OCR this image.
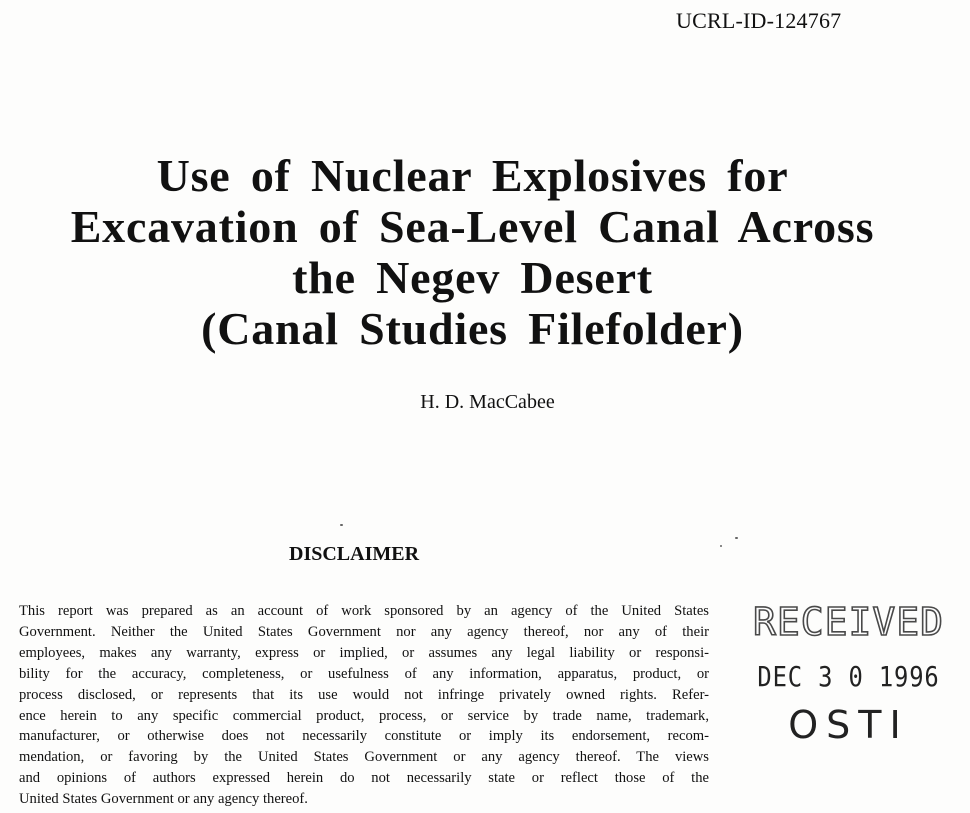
UCRL-ID-124767
Use of Nuclear Explosives for
Excavation of Sea-Level Canal Across
the Negev Desert
(Canal Studies Filefolder)
H. D. MacCabee
DISCLAIMER
This report was prepared as an account of work sponsored by an agency of the United States
Government. Neither the United States Government nor any agency thereof, nor any of their
employees, makes any warranty, express or implied, or assumes any legal liability or responsi-
bility for the accuracy, completeness, or usefulness of any information, apparatus, product, or
process disclosed, or represents that its use would not infringe privately owned rights. Refer-
ence herein to any specific commercial product, process, or service by trade name, trademark,
manufacturer, or otherwise does not necessarily constitute or imply its endorsement, recom-
mendation, or favoring by the United States Government or any agency thereof. The views
and opinions of authors expressed herein do not necessarily state or reflect those of the
United States Government or any agency thereof.
RECEIVED
DEC 3 0 1996
OSTI
